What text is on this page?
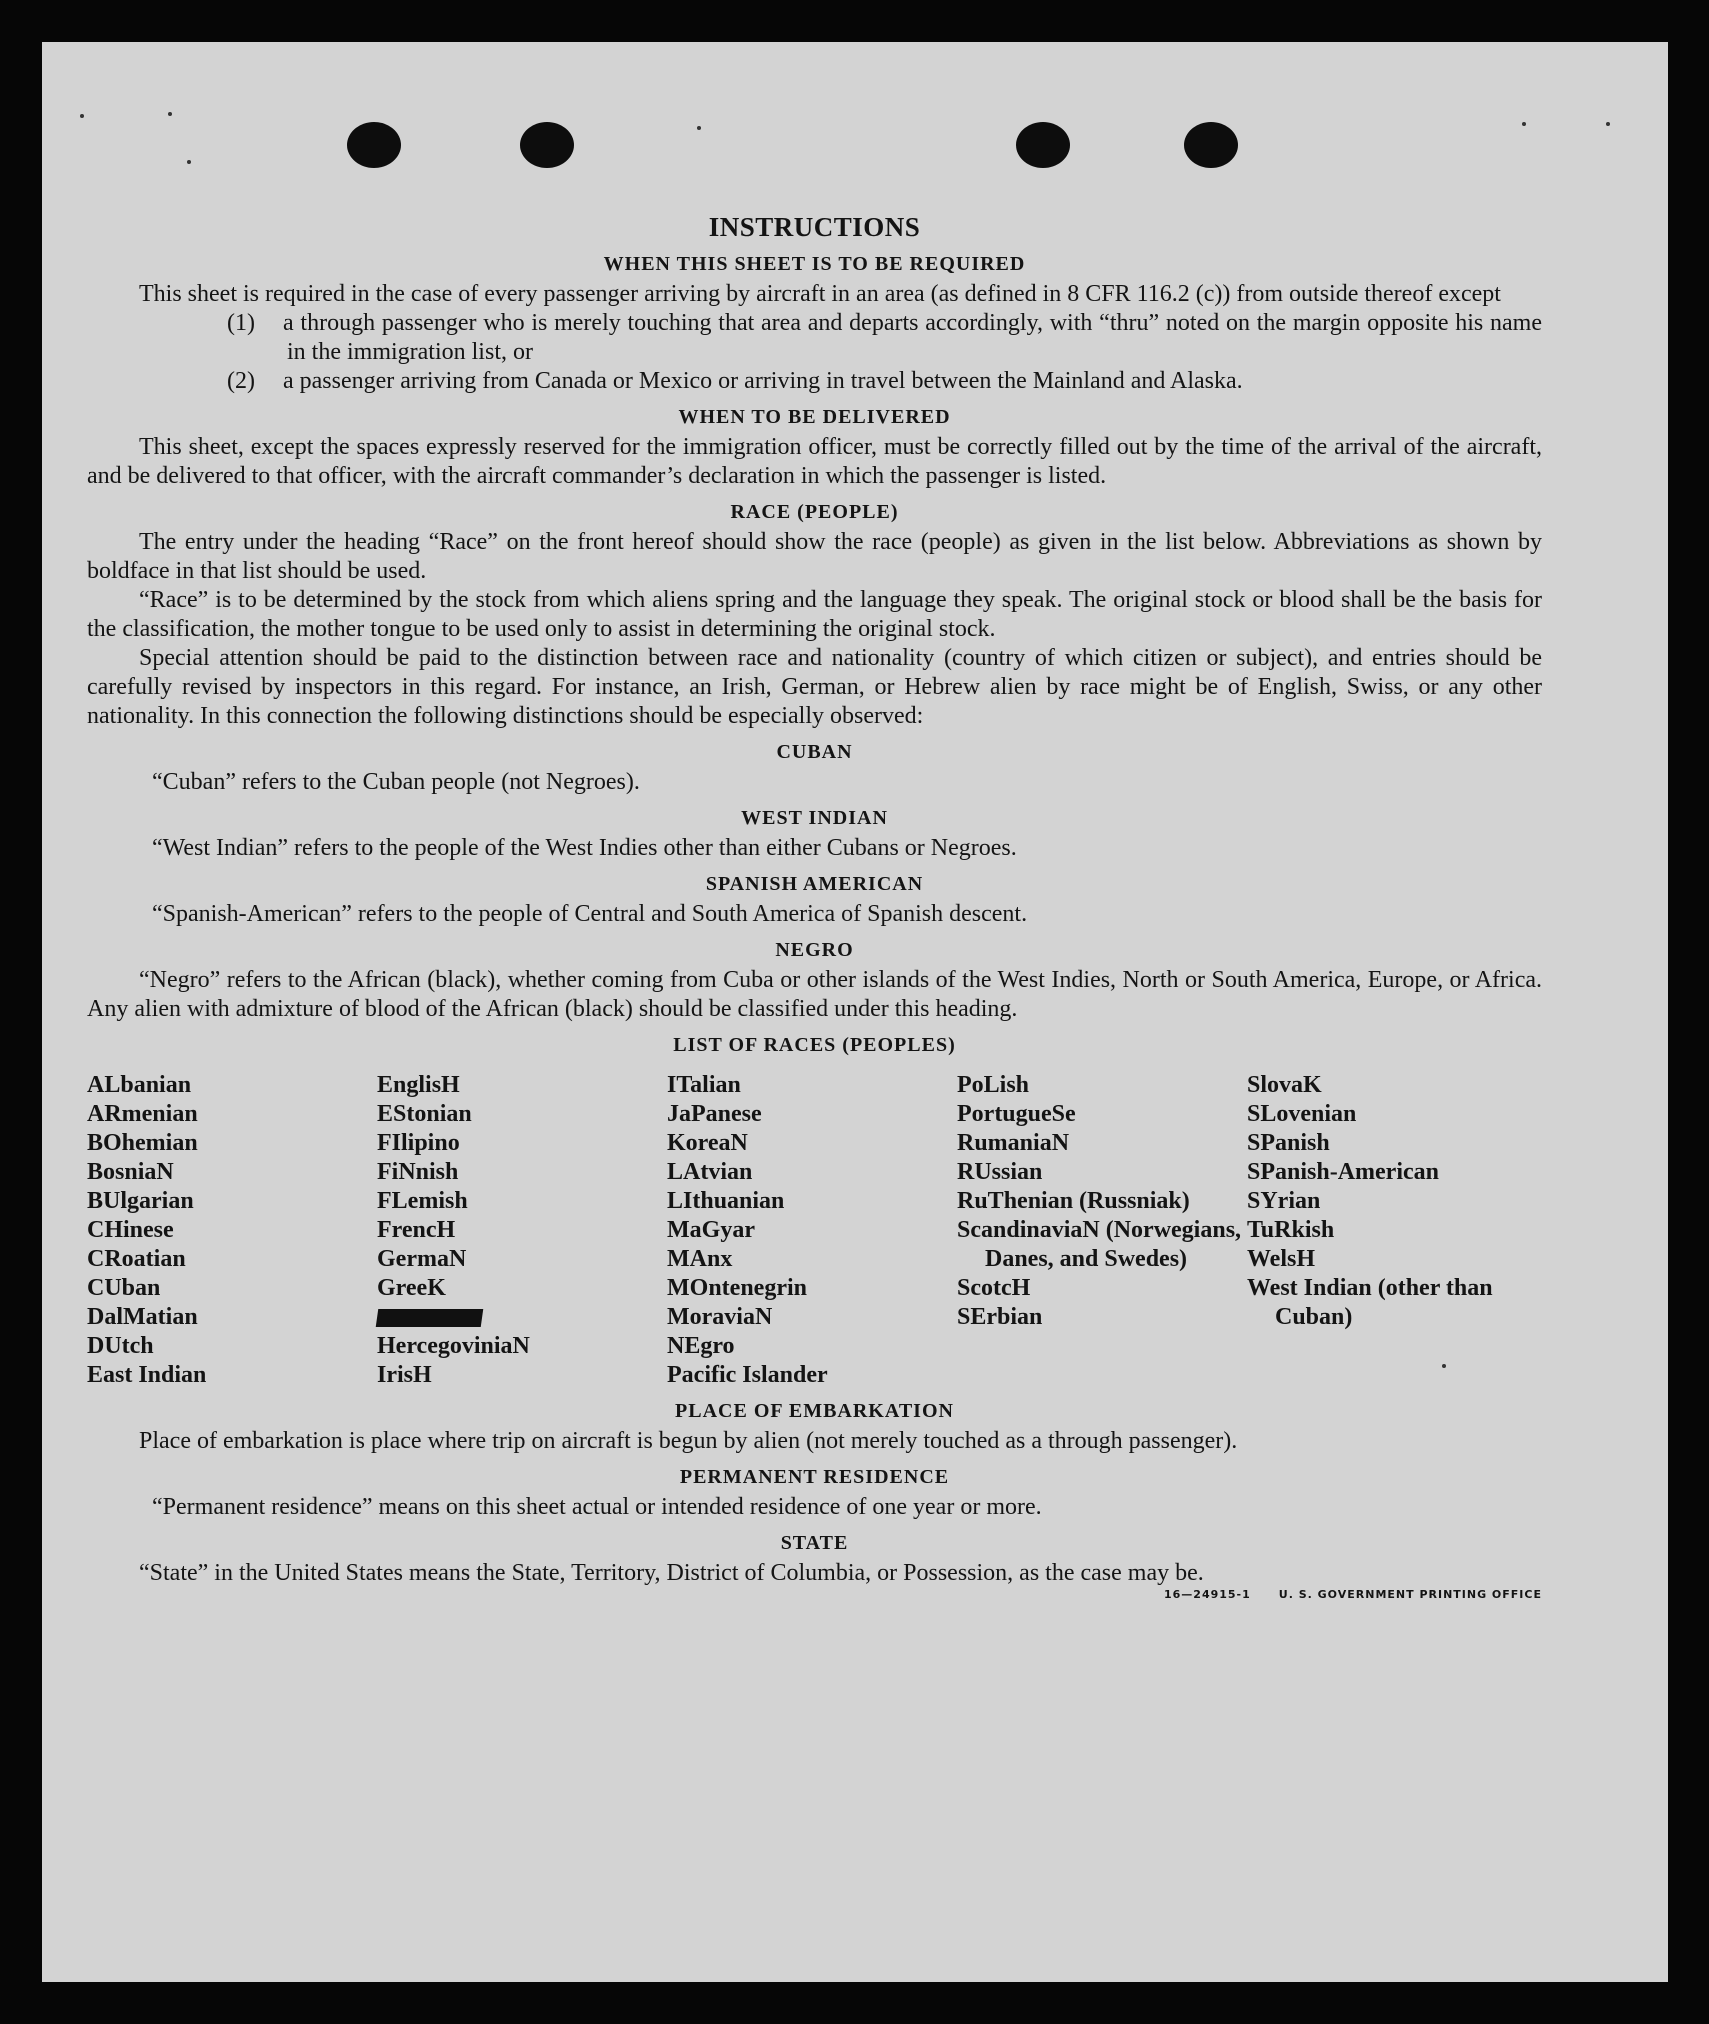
INSTRUCTIONS
WHEN THIS SHEET IS TO BE REQUIRED

This sheet is required in the case of every passenger arriving by aircraft in an area (as defined in 8 CFR 116.2 (c)) from outside thereof except

(1) a through passenger who is merely touching that area and departs accordingly, with “thru” noted on the margin opposite his name in the immigration list, or

(2) a passenger arriving from Canada or Mexico or arriving in travel between the Mainland and Alaska.

WHEN TO BE DELIVERED

This sheet, except the spaces expressly reserved for the immigration officer, must be correctly filled out by the time of the arrival of the aircraft, and be delivered to that officer, with the aircraft commander’s declaration in which the passenger is listed.

RACE (PEOPLE)

The entry under the heading “Race” on the front hereof should show the race (people) as given in the list below. Abbreviations as shown by boldface in that list should be used.

“Race” is to be determined by the stock from which aliens spring and the language they speak. The original stock or blood shall be the basis for the classification, the mother tongue to be used only to assist in determining the original stock.

Special attention should be paid to the distinction between race and nationality (country of which citizen or subject), and entries should be carefully revised by inspectors in this regard. For instance, an Irish, German, or Hebrew alien by race might be of English, Swiss, or any other nationality. In this connection the following distinctions should be especially observed:

CUBAN

“Cuban” refers to the Cuban people (not Negroes).

WEST INDIAN

“West Indian” refers to the people of the West Indies other than either Cubans or Negroes.

SPANISH AMERICAN

“Spanish-American” refers to the people of Central and South America of Spanish descent.

NEGRO

“Negro” refers to the African (black), whether coming from Cuba or other islands of the West Indies, North or South America, Europe, or Africa. Any alien with admixture of blood of the African (black) should be classified under this heading.

LIST OF RACES (PEOPLES)
ALbanian
ARmenian
BOhemian
BosniaN
BUlgarian
CHinese
CRoatian
CUban
DalMatian
DUtch
East Indian
EnglisH
EStonian
FIlipino
FiNnish
FLemish
FrencH
GermaN
GreeK
HercegoviniaN
IrisH
ITalian
JaPanese
KoreaN
LAtvian
LIthuanian
MaGyar
MAnx
MOntenegrin
MoraviaN
NEgro
Pacific Islander
PoLish
PortugueSe
RumaniaN
RUssian
RuThenian (Russniak)
ScandinaviaN (Norwegians, Danes, and Swedes)
ScotcH
SErbian
SlovaK
SLovenian
SPanish
SPanish-American
SYrian
TuRkish
WelsH
West Indian (other than Cuban)
PLACE OF EMBARKATION

Place of embarkation is place where trip on aircraft is begun by alien (not merely touched as a through passenger).

PERMANENT RESIDENCE

“Permanent residence” means on this sheet actual or intended residence of one year or more.

STATE

“State” in the United States means the State, Territory, District of Columbia, or Possession, as the case may be.

16—24915-1	U. S. GOVERNMENT PRINTING OFFICE
